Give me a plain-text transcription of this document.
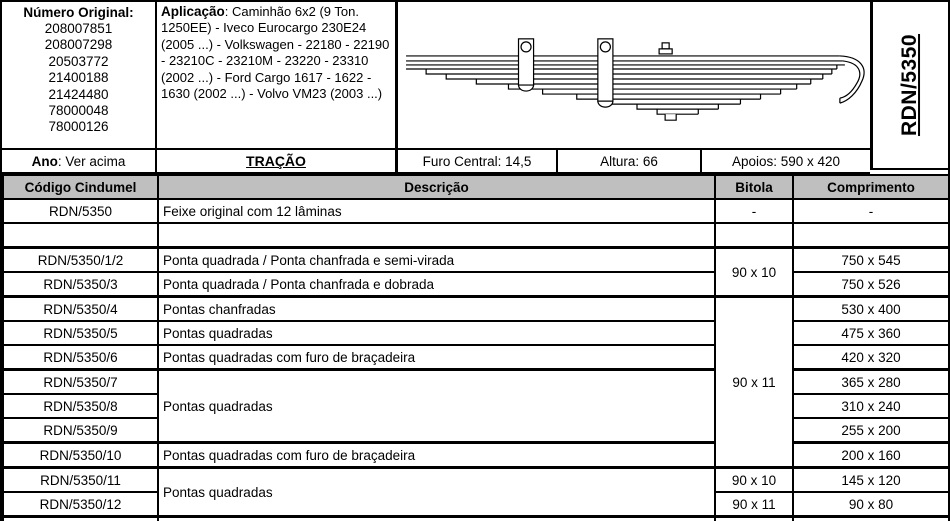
Número Original:
208007851
208007298
20503772
21400188
21424480
78000048
78000126
Aplicação: Caminhão 6x2 (9 Ton. 1250EE) - Iveco Eurocargo 230E24 (2005 ...) - Volkswagen - 22180 - 22190 - 23210C - 23210M - 23220 - 23310 (2002 ...) - Ford Cargo 1617 - 1622 - 1630 (2002 ...) - Volvo VM23 (2003 ...)	RDN/5350
Ano : Ver acima	TRAÇÃO	Furo Central: 14,5	Altura: 66	Apoios: 590 x 420
Código Cindumel	Descrição	Bitola	Comprimento
RDN/5350	Feixe original com 12 lâminas	-	-

RDN/5350/1/2	Ponta quadrada / Ponta chanfrada e semi-virada	90 x 10	750 x 545
RDN/5350/3	Ponta quadrada / Ponta chanfrada e dobrada		750 x 526
RDN/5350/4	Pontas chanfradas	90 x 11	530 x 400
RDN/5350/5	Pontas quadradas		475 x 360
RDN/5350/6	Pontas quadradas com furo de braçadeira		420 x 320
RDN/5350/7	Pontas quadradas		365 x 280
RDN/5350/8			310 x 240
RDN/5350/9			255 x 200
RDN/5350/10	Pontas quadradas com furo de braçadeira		200 x 160
RDN/5350/11	Pontas quadradas	90 x 10	145 x 120
RDN/5350/12		90 x 11	90 x 80
